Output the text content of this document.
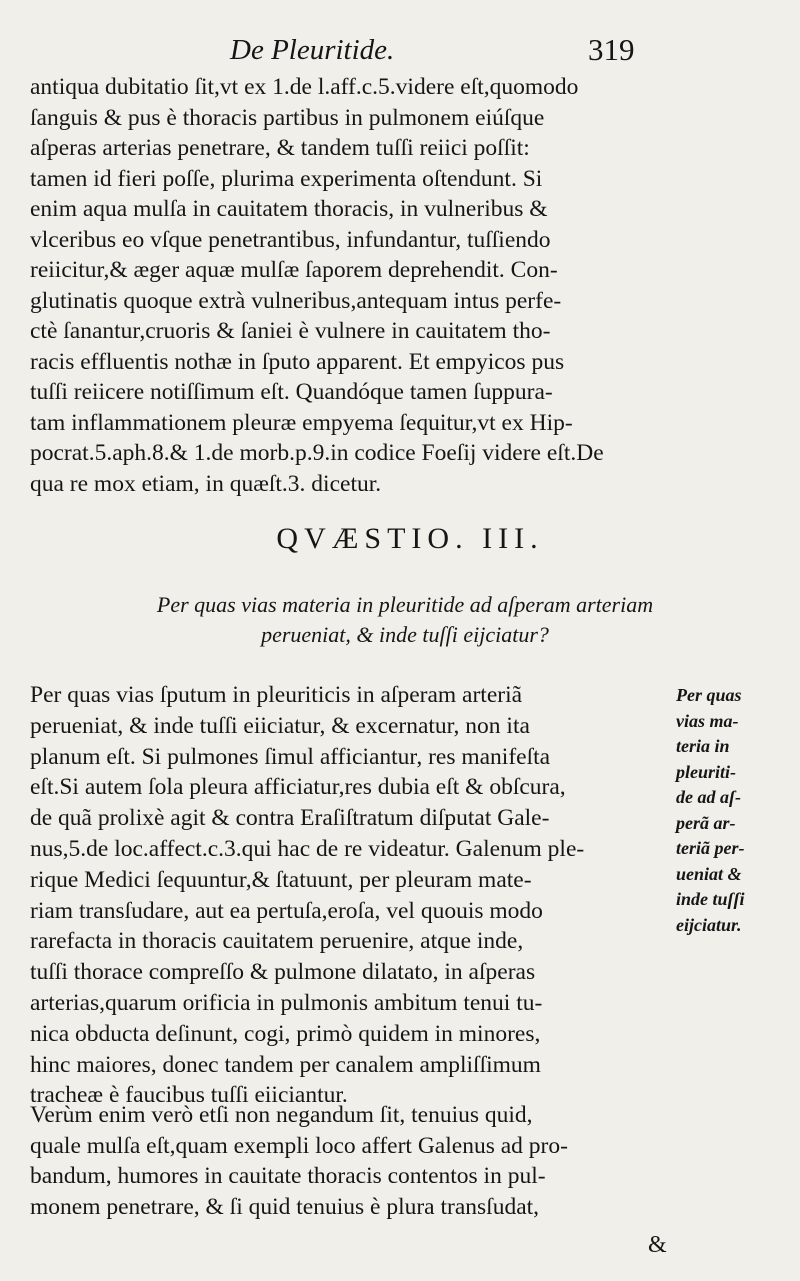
De Pleuritide.	319
antiqua dubitatio ſit,vt ex 1.de l.aff.c.5.videre eſt,quomodo
ſanguis & pus è thoracis partibus in pulmonem eiúſque
aſperas arterias penetrare, & tandem tuſſi reiici poſſit:
tamen id fieri poſſe, plurima experimenta oſtendunt. Si
enim aqua mulſa in cauitatem thoracis, in vulneribus &
vlceribus eo vſque penetrantibus, infundantur, tuſſiendo
reiicitur,& æger aquæ mulſæ ſaporem deprehendit. Con-
glutinatis quoque extrà vulneribus,antequam intus perfe-
ctè ſanantur,cruoris & ſaniei è vulnere in cauitatem tho-
racis effluentis nothæ in ſputo apparent. Et empyicos pus
tuſſi reiicere notiſſimum eſt. Quandóque tamen ſuppura-
tam inflammationem pleuræ empyema ſequitur,vt ex Hip-
pocrat.5.aph.8.& 1.de morb.p.9.in codice Foeſij videre eſt.De
qua re mox etiam, in quæſt.3. dicetur.
QVÆSTIO. III.
Per quas vias materia in pleuritide ad aſperam arteriam
perueniat, & inde tuſſi eijciatur?
Per quas vias ſputum in pleuriticis in aſperam arteriã
perueniat, & inde tuſſi eiiciatur, & excernatur, non ita
planum eſt. Si pulmones ſimul afficiantur, res manifeſta
eſt.Si autem ſola pleura afficiatur,res dubia eſt & obſcura,
de quã prolixè agit & contra Eraſiſtratum diſputat Gale-
nus,5.de loc.affect.c.3.qui hac de re videatur. Galenum ple-
rique Medici ſequuntur,& ſtatuunt, per pleuram mate-
riam transſudare, aut ea pertuſa,eroſa, vel quouis modo
rarefacta in thoracis cauitatem peruenire, atque inde,
tuſſi thorace compreſſo & pulmone dilatato, in aſperas
arterias,quarum orificia in pulmonis ambitum tenui tu-
nica obducta deſinunt, cogi, primò quidem in minores,
hinc maiores, donec tandem per canalem ampliſſimum
tracheæ è faucibus tuſſi eiiciantur.
Per quas
vias ma-
teria in
pleuriti-
de ad aſ-
perã ar-
teriã per-
ueniat &
inde tuſſi
eijciatur.
Verùm enim verò etſi non negandum ſit, tenuius quid,
quale mulſa eſt,quam exempli loco affert Galenus ad pro-
bandum, humores in cauitate thoracis contentos in pul-
monem penetrare, & ſi quid tenuius è plura transſudat,
&
